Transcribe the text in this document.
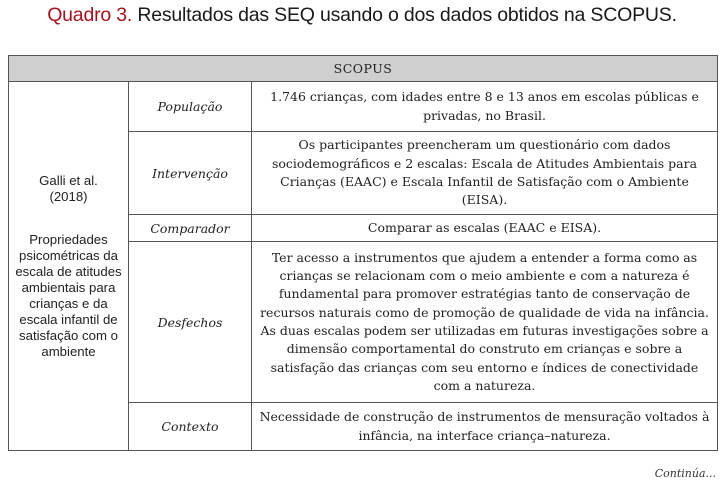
Quadro 3. Resultados das SEQ usando o dos dados obtidos na SCOPUS.
SCOPUS		

Galli et al.
(2018)
Propriedades psicométricas da escala de atitudes ambientais para crianças e da escala infantil de satisfação com o ambiente	População	1.746 crianças, com idades entre 8 e 13 anos em escolas públicas e privadas, no Brasil.
	Intervenção	Os participantes preencheram um questionário com dados sociodemográficos e 2 escalas: Escala de Atitudes Ambientais para Crianças (EAAC) e Escala Infantil de Satisfação com o Ambiente (EISA).
	Comparador	Comparar as escalas (EAAC e EISA).
	Desfechos	Ter acesso a instrumentos que ajudem a entender a forma como as crianças se relacionam com o meio ambiente e com a natureza é fundamental para promover estratégias tanto de conservação de recursos naturais como de promoção de qualidade de vida na infância. As duas escalas podem ser utilizadas em futuras investigações sobre a dimensão comportamental do construto em crianças e sobre a satisfação das crianças com seu entorno e índices de conectividade com a natureza.
	Contexto	Necessidade de construção de instrumentos de mensuração voltados à infância, na interface criança–natureza.
Continúa...
